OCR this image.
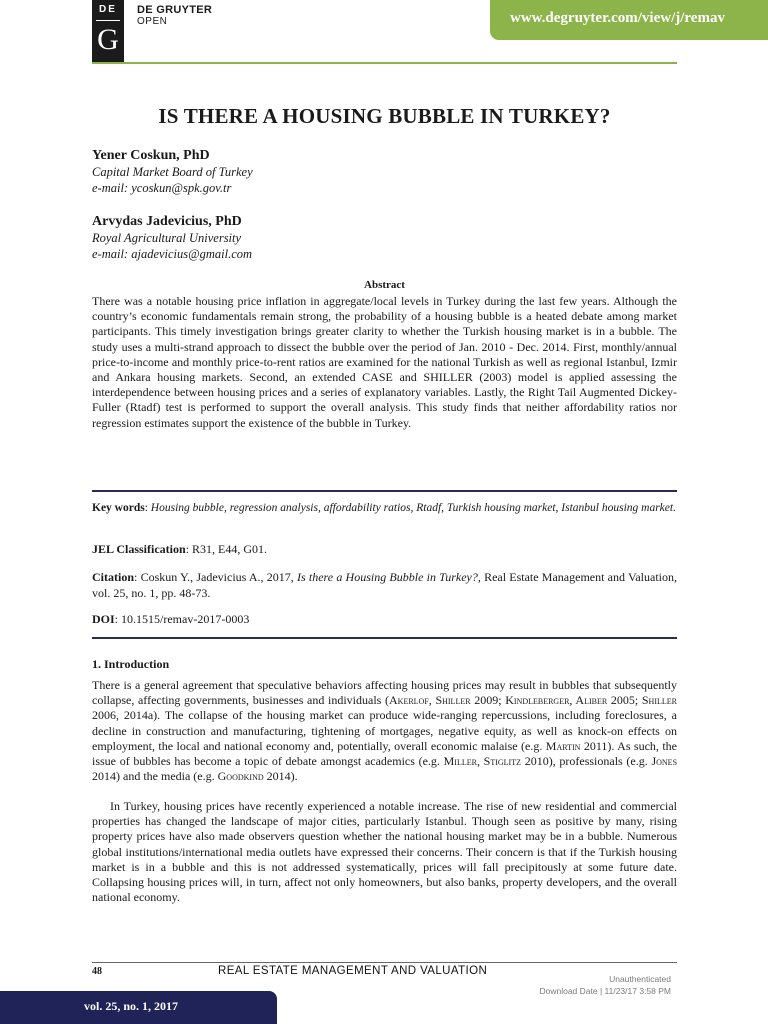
DE
G
DE GRUYTER
OPEN	www.degruyter.com/view/j/remav
IS THERE A HOUSING BUBBLE IN TURKEY?
Yener Coskun, PhD
Capital Market Board of Turkey
e-mail: ycoskun@spk.gov.tr
Arvydas Jadevicius, PhD
Royal Agricultural University
e-mail: ajadevicius@gmail.com
Abstract

There was a notable housing price inflation in aggregate/local levels in Turkey during the last few years. Although the country’s economic fundamentals remain strong, the probability of a housing bubble is a heated debate among market participants. This timely investigation brings greater clarity to whether the Turkish housing market is in a bubble. The study uses a multi-strand approach to dissect the bubble over the period of Jan. 2010 - Dec. 2014. First, monthly/annual price-to-income and monthly price-to-rent ratios are examined for the national Turkish as well as regional Istanbul, Izmir and Ankara housing markets. Second, an extended CASE and SHILLER (2003) model is applied assessing the interdependence between housing prices and a series of explanatory variables. Lastly, the Right Tail Augmented Dickey-Fuller (Rtadf) test is performed to support the overall analysis. This study finds that neither affordability ratios nor regression estimates support the existence of the bubble in Turkey.

Key words: Housing bubble, regression analysis, affordability ratios, Rtadf, Turkish housing market, Istanbul housing market.
JEL Classification: R31, E44, G01.
Citation: Coskun Y., Jadevicius A., 2017, Is there a Housing Bubble in Turkey?, Real Estate Management and Valuation, vol. 25, no. 1, pp. 48-73.
DOI: 10.1515/remav-2017-0003
1. Introduction

There is a general agreement that speculative behaviors affecting housing prices may result in bubbles that subsequently collapse, affecting governments, businesses and individuals (Akerlof, Shiller 2009; Kindleberger, Aliber 2005; Shiller 2006, 2014a). The collapse of the housing market can produce wide-ranging repercussions, including foreclosures, a decline in construction and manufacturing, tightening of mortgages, negative equity, as well as knock-on effects on employment, the local and national economy and, potentially, overall economic malaise (e.g. Martin 2011). As such, the issue of bubbles has become a topic of debate amongst academics (e.g. Miller, Stiglitz 2010), professionals (e.g. Jones 2014) and the media (e.g. Goodkind 2014).

In Turkey, housing prices have recently experienced a notable increase. The rise of new residential and commercial properties has changed the landscape of major cities, particularly Istanbul. Though seen as positive by many, rising property prices have also made observers question whether the national housing market may be in a bubble. Numerous global institutions/international media outlets have expressed their concerns. Their concern is that if the Turkish housing market is in a bubble and this is not addressed systematically, prices will fall precipitously at some future date. Collapsing housing prices will, in turn, affect not only homeowners, but also banks, property developers, and the overall national economy.

48	REAL ESTATE MANAGEMENT AND VALUATION
Unauthenticated
Download Date | 11/23/17 3:58 PM
vol. 25, no. 1, 2017
